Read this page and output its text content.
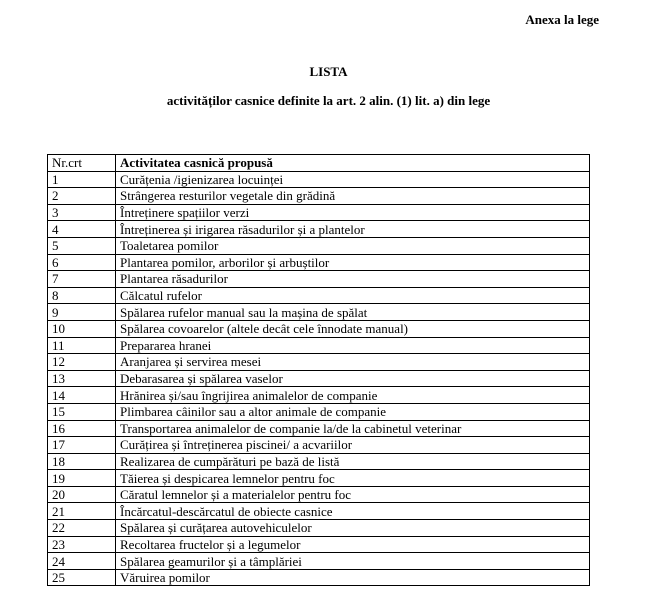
Anexa la lege
LISTA
activităților casnice definite la art. 2 alin. (1) lit. a) din lege
Nr.crt	Activitatea casnică propusă
1	Curățenia /igienizarea locuinței
2	Strângerea resturilor vegetale din grădină
3	Întreținere spațiilor verzi
4	Întreținerea și irigarea răsadurilor și a plantelor
5	Toaletarea pomilor
6	Plantarea pomilor, arborilor și arbuștilor
7	Plantarea răsadurilor
8	Călcatul rufelor
9	Spălarea rufelor manual sau la mașina de spălat
10	Spălarea covoarelor (altele decât cele înnodate manual)
11	Prepararea hranei
12	Aranjarea și servirea mesei
13	Debarasarea și spălarea vaselor
14	Hrănirea și/sau îngrijirea animalelor de companie
15	Plimbarea câinilor sau a altor animale de companie
16	Transportarea animalelor de companie la/de la cabinetul veterinar
17	Curățirea și întreținerea piscinei/ a acvariilor
18	Realizarea de cumpărături pe bază de listă
19	Tăierea și despicarea lemnelor pentru foc
20	Căratul lemnelor și a materialelor pentru foc
21	Încărcatul-descărcatul de obiecte casnice
22	Spălarea și curățarea autovehiculelor
23	Recoltarea fructelor și a legumelor
24	Spălarea geamurilor și a tâmplăriei
25	Văruirea pomilor
